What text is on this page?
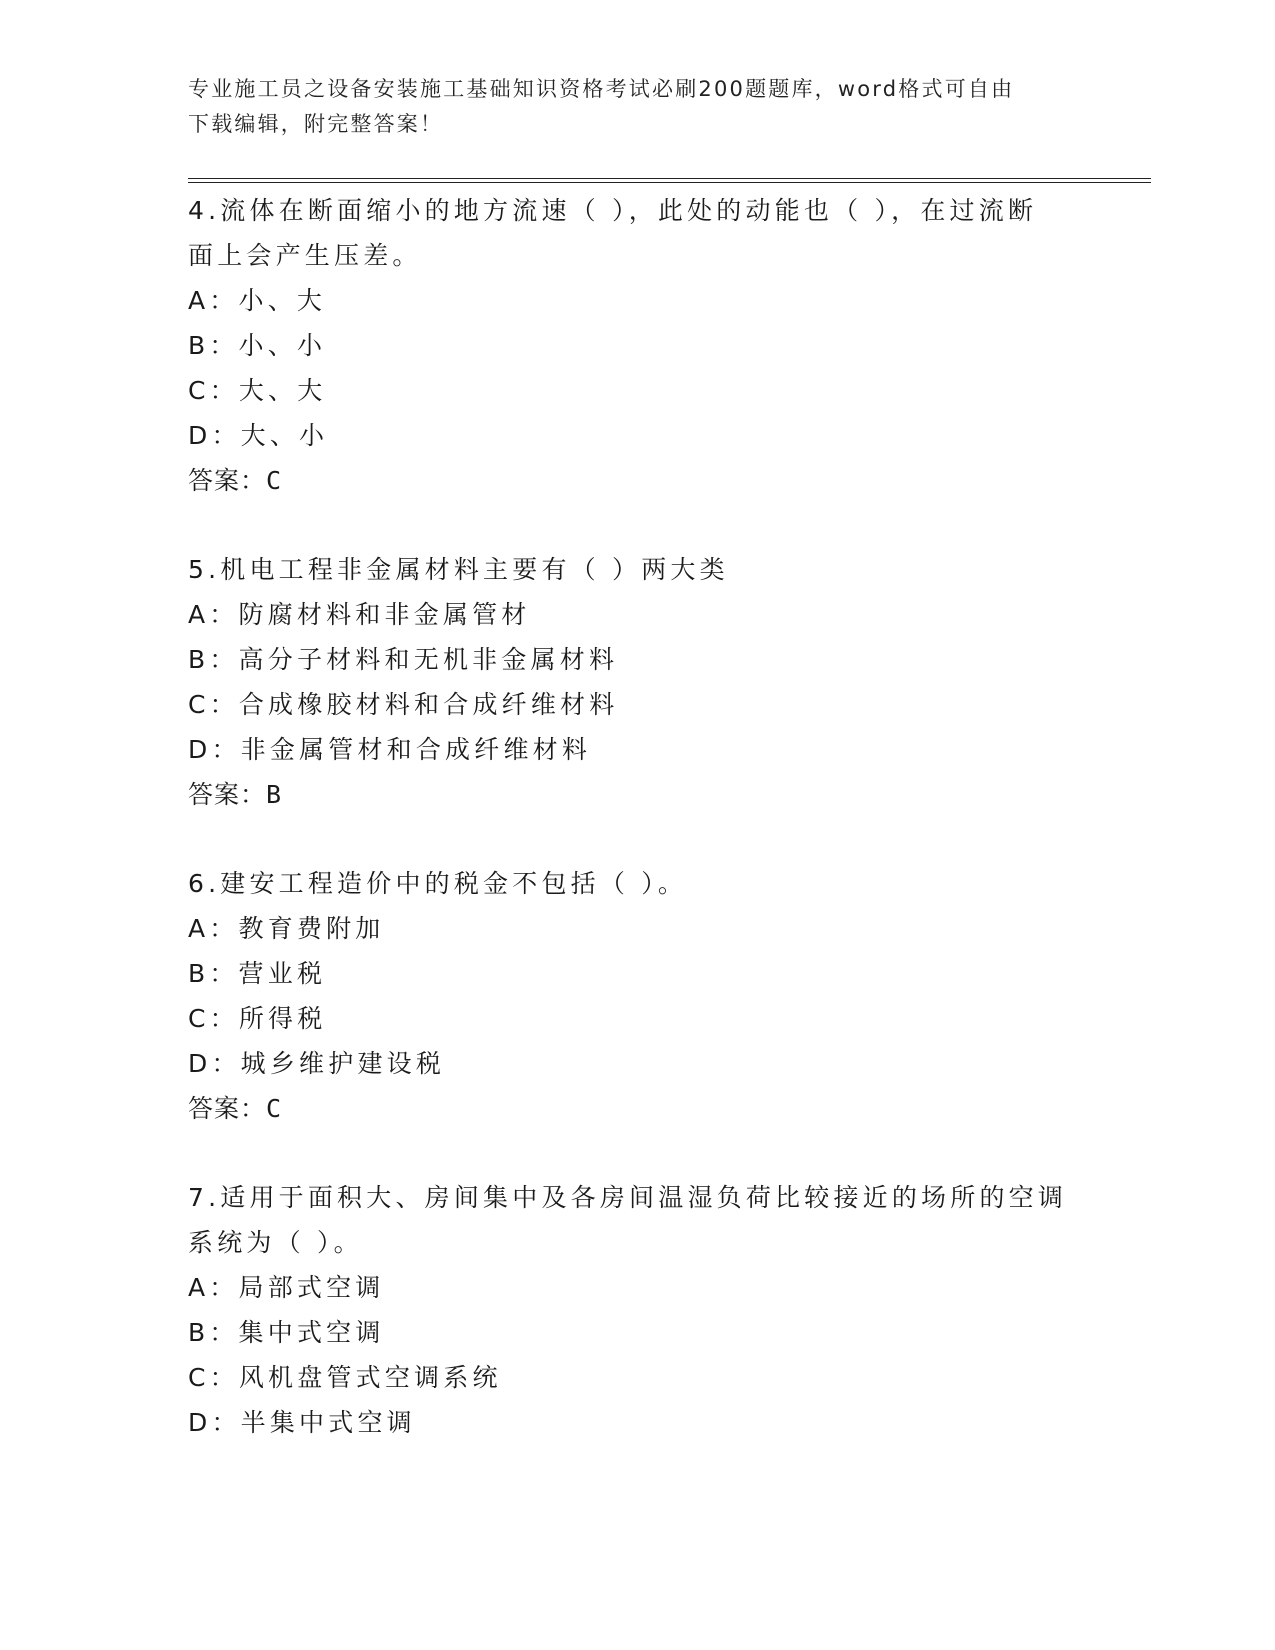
专业施工员之设备安装施工基础知识资格考试必刷200题题库，word格式可自由
下载编辑，附完整答案！
4.流体在断面缩小的地方流速（ ），此处的动能也（ ），在过流断
面上会产生压差。
A：小、大
B：小、小
C：大、大
D：大、小
答案：C
5.机电工程非金属材料主要有（ ）两大类
A：防腐材料和非金属管材
B：高分子材料和无机非金属材料
C：合成橡胶材料和合成纤维材料
D：非金属管材和合成纤维材料
答案：B
6.建安工程造价中的税金不包括（ ）。
A：教育费附加
B：营业税
C：所得税
D：城乡维护建设税
答案：C
7.适用于面积大、房间集中及各房间温湿负荷比较接近的场所的空调
系统为（ ）。
A：局部式空调
B：集中式空调
C：风机盘管式空调系统
D：半集中式空调
